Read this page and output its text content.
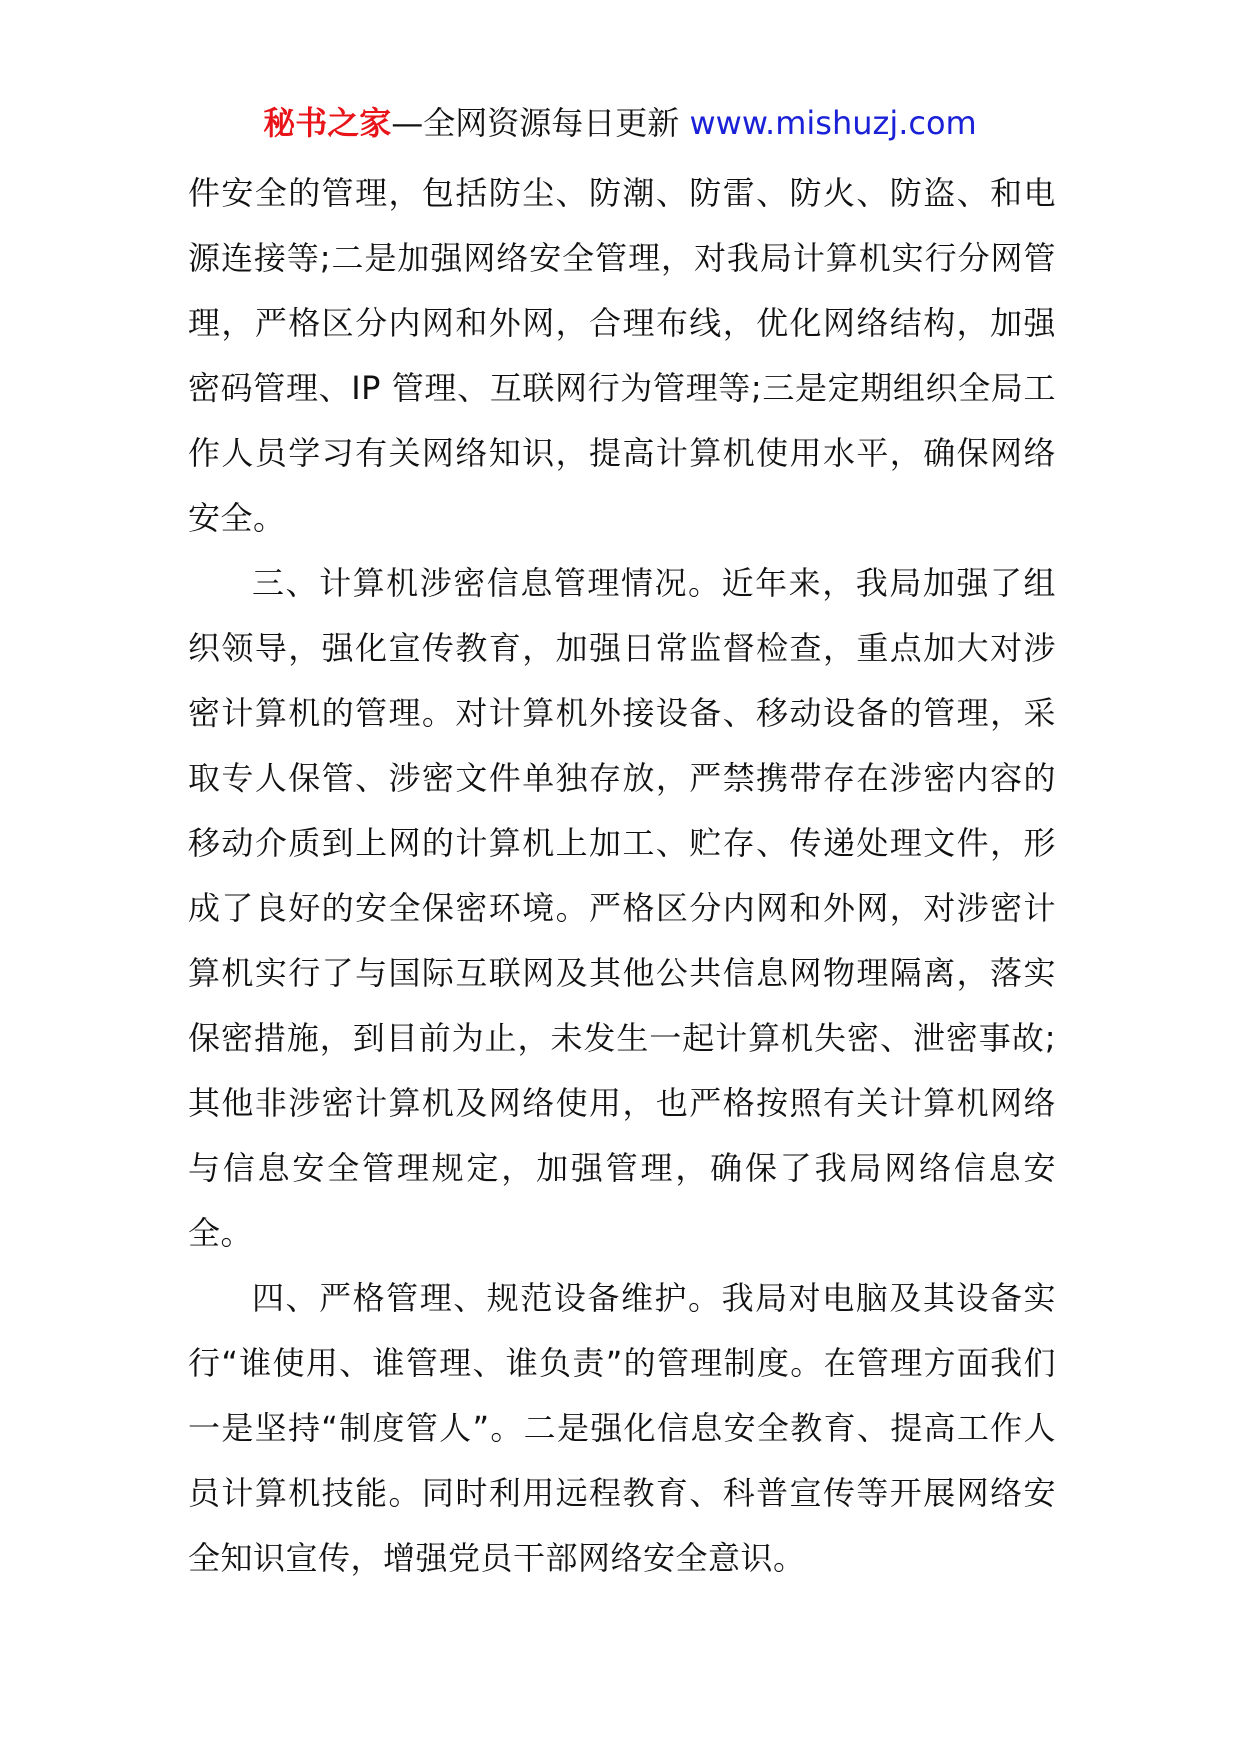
秘书之家—全网资源每日更新 www.mishuzj.com

件安全的管理，包括防尘、防潮、防雷、防火、防盗、和电源连接等;二是加强网络安全管理，对我局计算机实行分网管理，严格区分内网和外网，合理布线，优化网络结构，加强密码管理、IP 管理、互联网行为管理等;三是定期组织全局工作人员学习有关网络知识，提高计算机使用水平，确保网络安全。

三、计算机涉密信息管理情况。近年来，我局加强了组织领导，强化宣传教育，加强日常监督检查，重点加大对涉密计算机的管理。对计算机外接设备、移动设备的管理，采取专人保管、涉密文件单独存放，严禁携带存在涉密内容的移动介质到上网的计算机上加工、贮存、传递处理文件，形成了良好的安全保密环境。严格区分内网和外网，对涉密计算机实行了与国际互联网及其他公共信息网物理隔离，落实保密措施，到目前为止，未发生一起计算机失密、泄密事故;其他非涉密计算机及网络使用，也严格按照有关计算机网络与信息安全管理规定，加强管理，确保了我局网络信息安全。

四、严格管理、规范设备维护。我局对电脑及其设备实行“谁使用、谁管理、谁负责”的管理制度。在管理方面我们一是坚持“制度管人”。二是强化信息安全教育、提高工作人员计算机技能。同时利用远程教育、科普宣传等开展网络安全知识宣传，增强党员干部网络安全意识。
